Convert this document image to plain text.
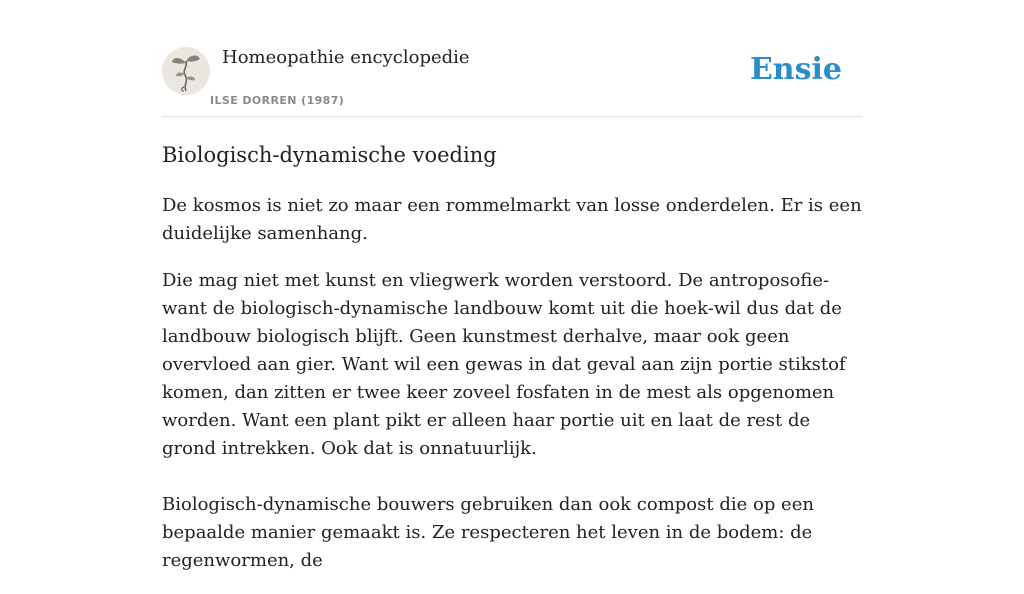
Homeopathie encyclopedie
ILSE DORREN (1987)
Ensie
Biologisch-dynamische voeding

De kosmos is niet zo maar een rommelmarkt van losse onderdelen. Er is een duidelijke samenhang.

Die mag niet met kunst en vliegwerk worden verstoord. De antroposofie-want de biologisch-dynamische landbouw komt uit die hoek-wil dus dat de landbouw biologisch blijft. Geen kunstmest derhalve, maar ook geen overvloed aan gier. Want wil een gewas in dat geval aan zijn portie stikstof komen, dan zitten er twee keer zoveel fosfaten in de mest als opgenomen worden. Want een plant pikt er alleen haar portie uit en laat de rest de grond intrekken. Ook dat is onnatuurlijk.

Biologisch-dynamische bouwers gebruiken dan ook compost die op een bepaalde manier gemaakt is. Ze respecteren het leven in de bodem: de regenwormen, de
